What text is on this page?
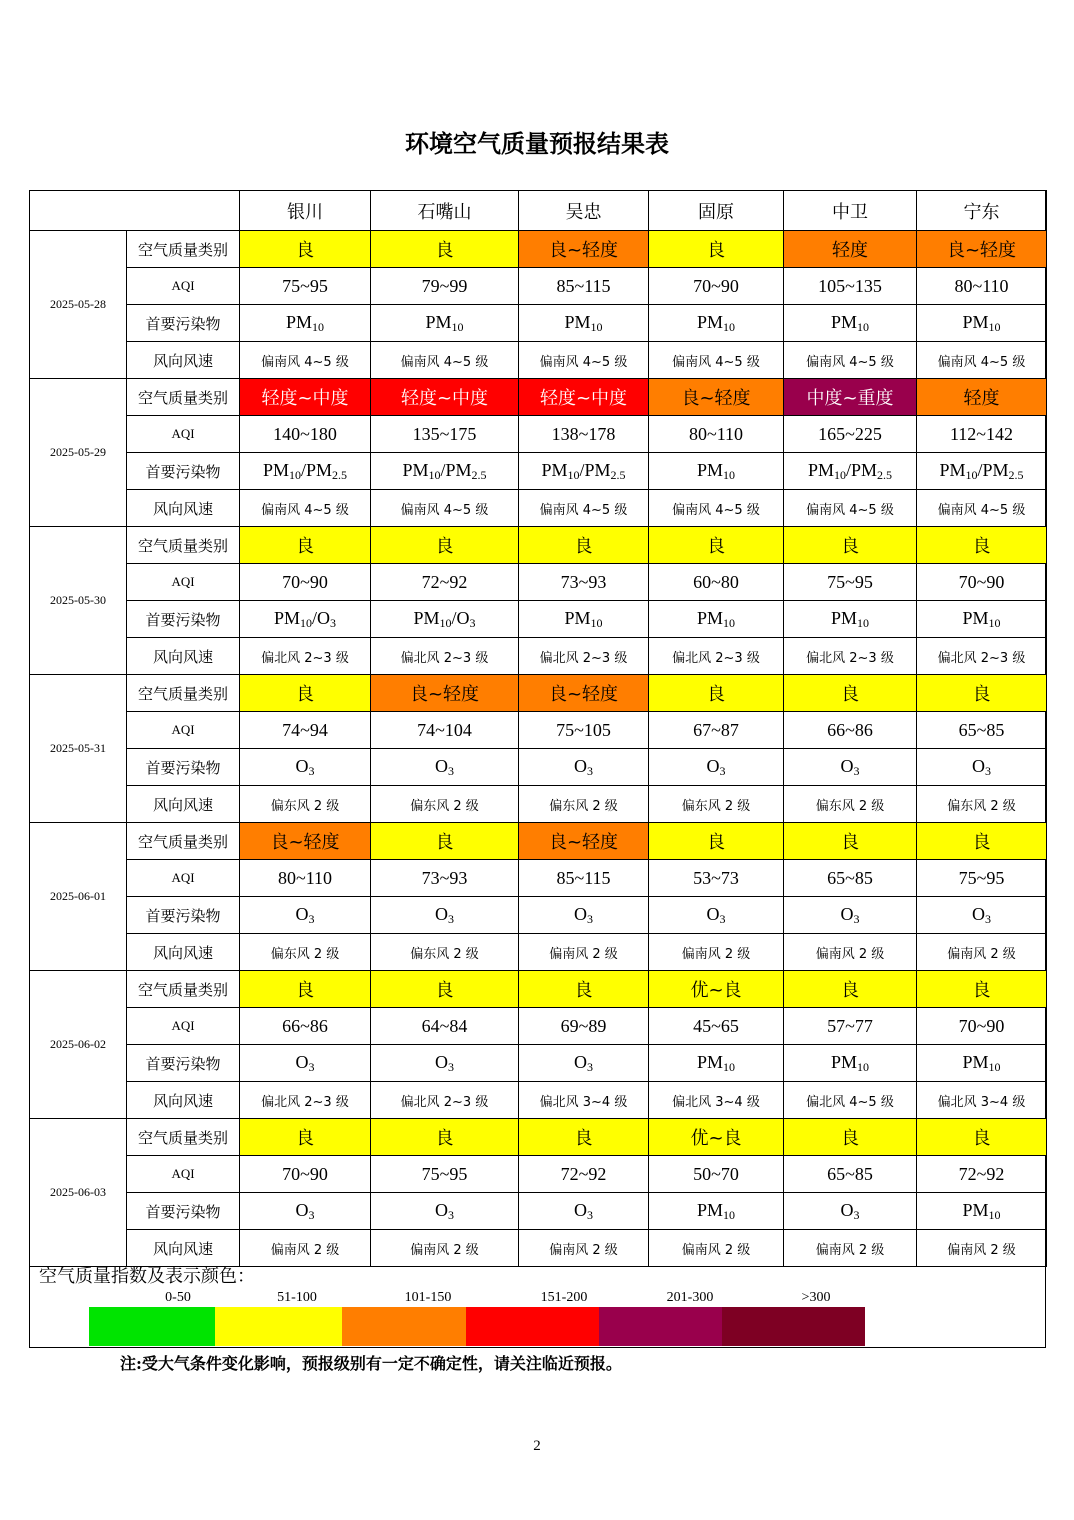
环境空气质量预报结果表
		银川	石嘴山	吴忠	固原	中卫	宁东
2025-05-28	空气质量类别	良	良	良~轻度	良	轻度	良~轻度
	AQI	75~95	79~99	85~115	70~90	105~135	80~110
	首要污染物	$PM_{10}$	$PM_{10}$	$PM_{10}$	$PM_{10}$	$PM_{10}$	$PM_{10}$
	风向风速	偏南风 4~5 级	偏南风 4~5 级	偏南风 4~5 级	偏南风 4~5 级	偏南风 4~5 级	偏南风 4~5 级
2025-05-29	空气质量类别	轻度~中度	轻度~中度	轻度~中度	良~轻度	中度~重度	轻度
	AQI	140~180	135~175	138~178	80~110	165~225	112~142
	首要污染物	$PM_{10}/PM_{2.5}$	$PM_{10}/PM_{2.5}$	$PM_{10}/PM_{2.5}$	$PM_{10}$	$PM_{10}/PM_{2.5}$	$PM_{10}/PM_{2.5}$
	风向风速	偏南风 4~5 级	偏南风 4~5 级	偏南风 4~5 级	偏南风 4~5 级	偏南风 4~5 级	偏南风 4~5 级
2025-05-30	空气质量类别	良	良	良	良	良	良
	AQI	70~90	72~92	73~93	60~80	75~95	70~90
	首要污染物	$PM_{10}/O_3$	$PM_{10}/O_3$	$PM_{10}$	$PM_{10}$	$PM_{10}$	$PM_{10}$
	风向风速	偏北风 2~3 级	偏北风 2~3 级	偏北风 2~3 级	偏北风 2~3 级	偏北风 2~3 级	偏北风 2~3 级
2025-05-31	空气质量类别	良	良~轻度	良~轻度	良	良	良
	AQI	74~94	74~104	75~105	67~87	66~86	65~85
	首要污染物	$O_3$	$O_3$	$O_3$	$O_3$	$O_3$	$O_3$
	风向风速	偏东风 2 级	偏东风 2 级	偏东风 2 级	偏东风 2 级	偏东风 2 级	偏东风 2 级
2025-06-01	空气质量类别	良~轻度	良	良~轻度	良	良	良
	AQI	80~110	73~93	85~115	53~73	65~85	75~95
	首要污染物	$O_3$	$O_3$	$O_3$	$O_3$	$O_3$	$O_3$
	风向风速	偏东风 2 级	偏东风 2 级	偏南风 2 级	偏南风 2 级	偏南风 2 级	偏南风 2 级
2025-06-02	空气质量类别	良	良	良	优~良	良	良
	AQI	66~86	64~84	69~89	45~65	57~77	70~90
	首要污染物	$O_3$	$O_3$	$O_3$	$PM_{10}$	$PM_{10}$	$PM_{10}$
	风向风速	偏北风 2~3 级	偏北风 2~3 级	偏北风 3~4 级	偏北风 3~4 级	偏北风 4~5 级	偏北风 3~4 级
2025-06-03	空气质量类别	良	良	良	优~良	良	良
	AQI	70~90	75~95	72~92	50~70	65~85	72~92
	首要污染物	$O_3$	$O_3$	$O_3$	$PM_{10}$	$O_3$	$PM_{10}$
	风向风速	偏南风 2 级	偏南风 2 级	偏南风 2 级	偏南风 2 级	偏南风 2 级	偏南风 2 级
空气质量指数及表示颜色：
0-50	51-100	101-150	151-200	201-300	>300
注:受大气条件变化影响，预报级别有一定不确定性，请关注临近预报。
2
